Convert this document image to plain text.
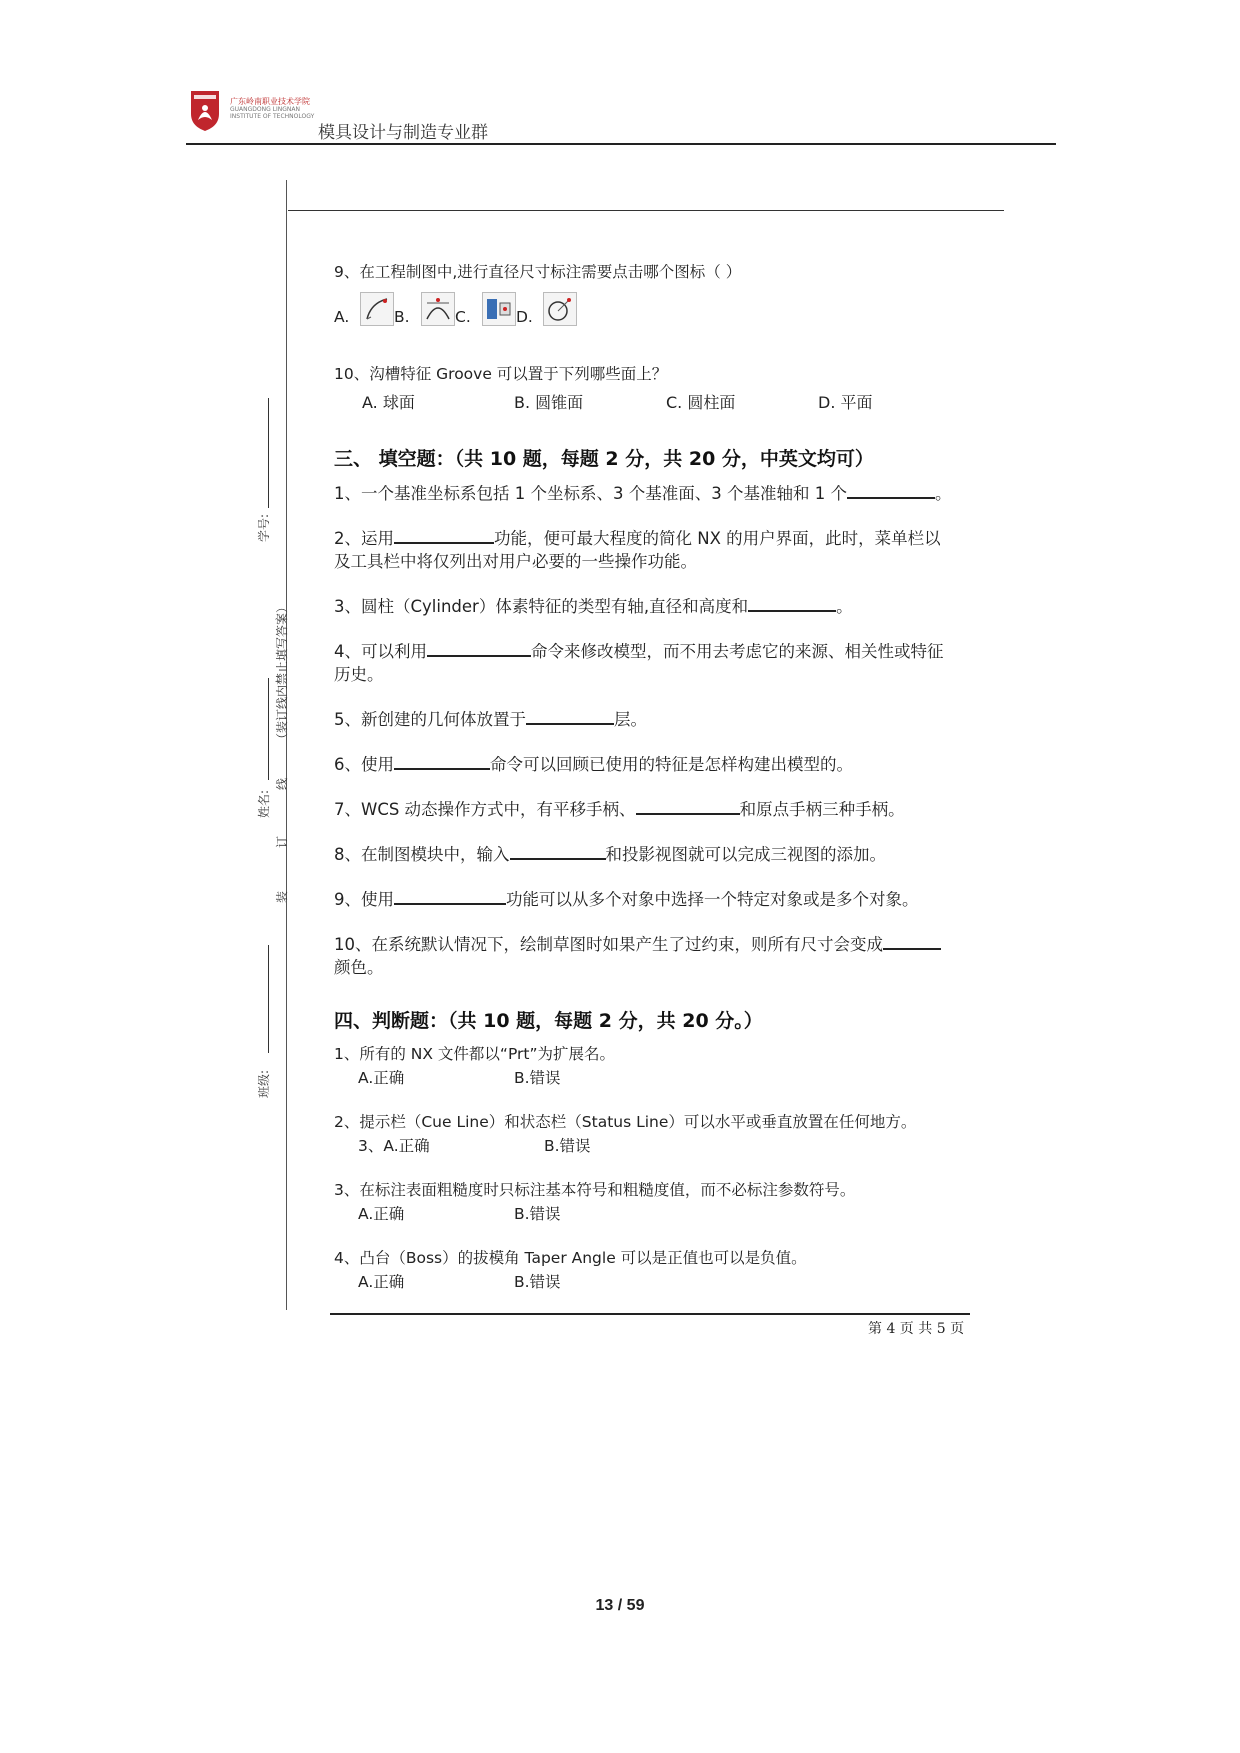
广东岭南职业技术学院
GUANGDONG LINGNAN
INSTITUTE OF TECHNOLOGY
模具设计与制造专业群
学号:
（装订线内禁止填写答案）
线
姓名:
订
装
班级:
9、在工程制图中,进行直径尺寸标注需要点击哪个图标（ ）
A.	B.	C.	D.
10、沟槽特征 Groove 可以置于下列哪些面上？
A. 球面	B. 圆锥面	C. 圆柱面	D. 平面
三、 填空题：（共 10 题，每题 2 分，共 20 分，中英文均可）
1、一个基准坐标系包括 1 个坐标系、3 个基准面、3 个基准轴和 1 个	。
2、运用	功能，便可最大程度的简化 NX 的用户界面，此时，菜单栏以
及工具栏中将仅列出对用户必要的一些操作功能。
3、圆柱（Cylinder）体素特征的类型有轴,直径和高度和	。
4、可以利用	命令来修改模型，而不用去考虑它的来源、相关性或特征
历史。
5、新创建的几何体放置于	层。
6、使用	命令可以回顾已使用的特征是怎样构建出模型的。
7、WCS 动态操作方式中，有平移手柄、	和原点手柄三种手柄。
8、在制图模块中，输入	和投影视图就可以完成三视图的添加。
9、使用	功能可以从多个对象中选择一个特定对象或是多个对象。
10、在系统默认情况下，绘制草图时如果产生了过约束，则所有尺寸会变成
颜色。
四、判断题：（共 10 题，每题 2 分，共 20 分。）
1、所有的 NX 文件都以“Prt”为扩展名。
A.正确	B.错误
2、提示栏（Cue Line）和状态栏（Status Line）可以水平或垂直放置在任何地方。
3、A.正确	B.错误
3、在标注表面粗糙度时只标注基本符号和粗糙度值，而不必标注参数符号。
A.正确	B.错误
4、凸台（Boss）的拔模角 Taper Angle 可以是正值也可以是负值。
A.正确	B.错误
第 4 页 共 5 页
13 / 59
